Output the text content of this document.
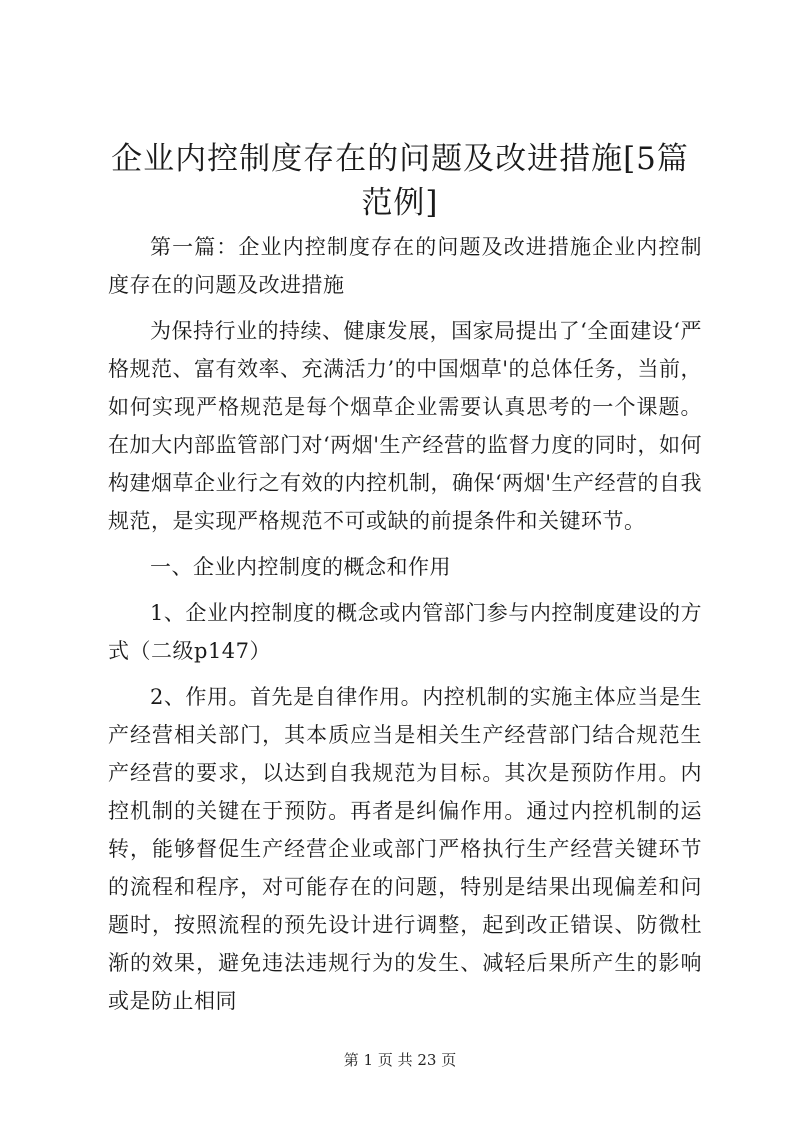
企业内控制度存在的问题及改进措施[5篇范例]

第一篇：企业内控制度存在的问题及改进措施企业内控制度存在的问题及改进措施

为保持行业的持续、健康发展，国家局提出了‘全面建设‘严格规范、富有效率、充满活力’的中国烟草'的总体任务，当前，如何实现严格规范是每个烟草企业需要认真思考的一个课题。在加大内部监管部门对‘两烟'生产经营的监督力度的同时，如何构建烟草企业行之有效的内控机制，确保‘两烟'生产经营的自我规范，是实现严格规范不可或缺的前提条件和关键环节。

一、企业内控制度的概念和作用

1、企业内控制度的概念或内管部门参与内控制度建设的方式（二级p147）

2、作用。首先是自律作用。内控机制的实施主体应当是生产经营相关部门，其本质应当是相关生产经营部门结合规范生产经营的要求，以达到自我规范为目标。其次是预防作用。内控机制的关键在于预防。再者是纠偏作用。通过内控机制的运转，能够督促生产经营企业或部门严格执行生产经营关键环节的流程和程序，对可能存在的问题，特别是结果出现偏差和问题时，按照流程的预先设计进行调整，起到改正错误、防微杜渐的效果，避免违法违规行为的发生、减轻后果所产生的影响或是防止相同

第 1 页 共 23 页
